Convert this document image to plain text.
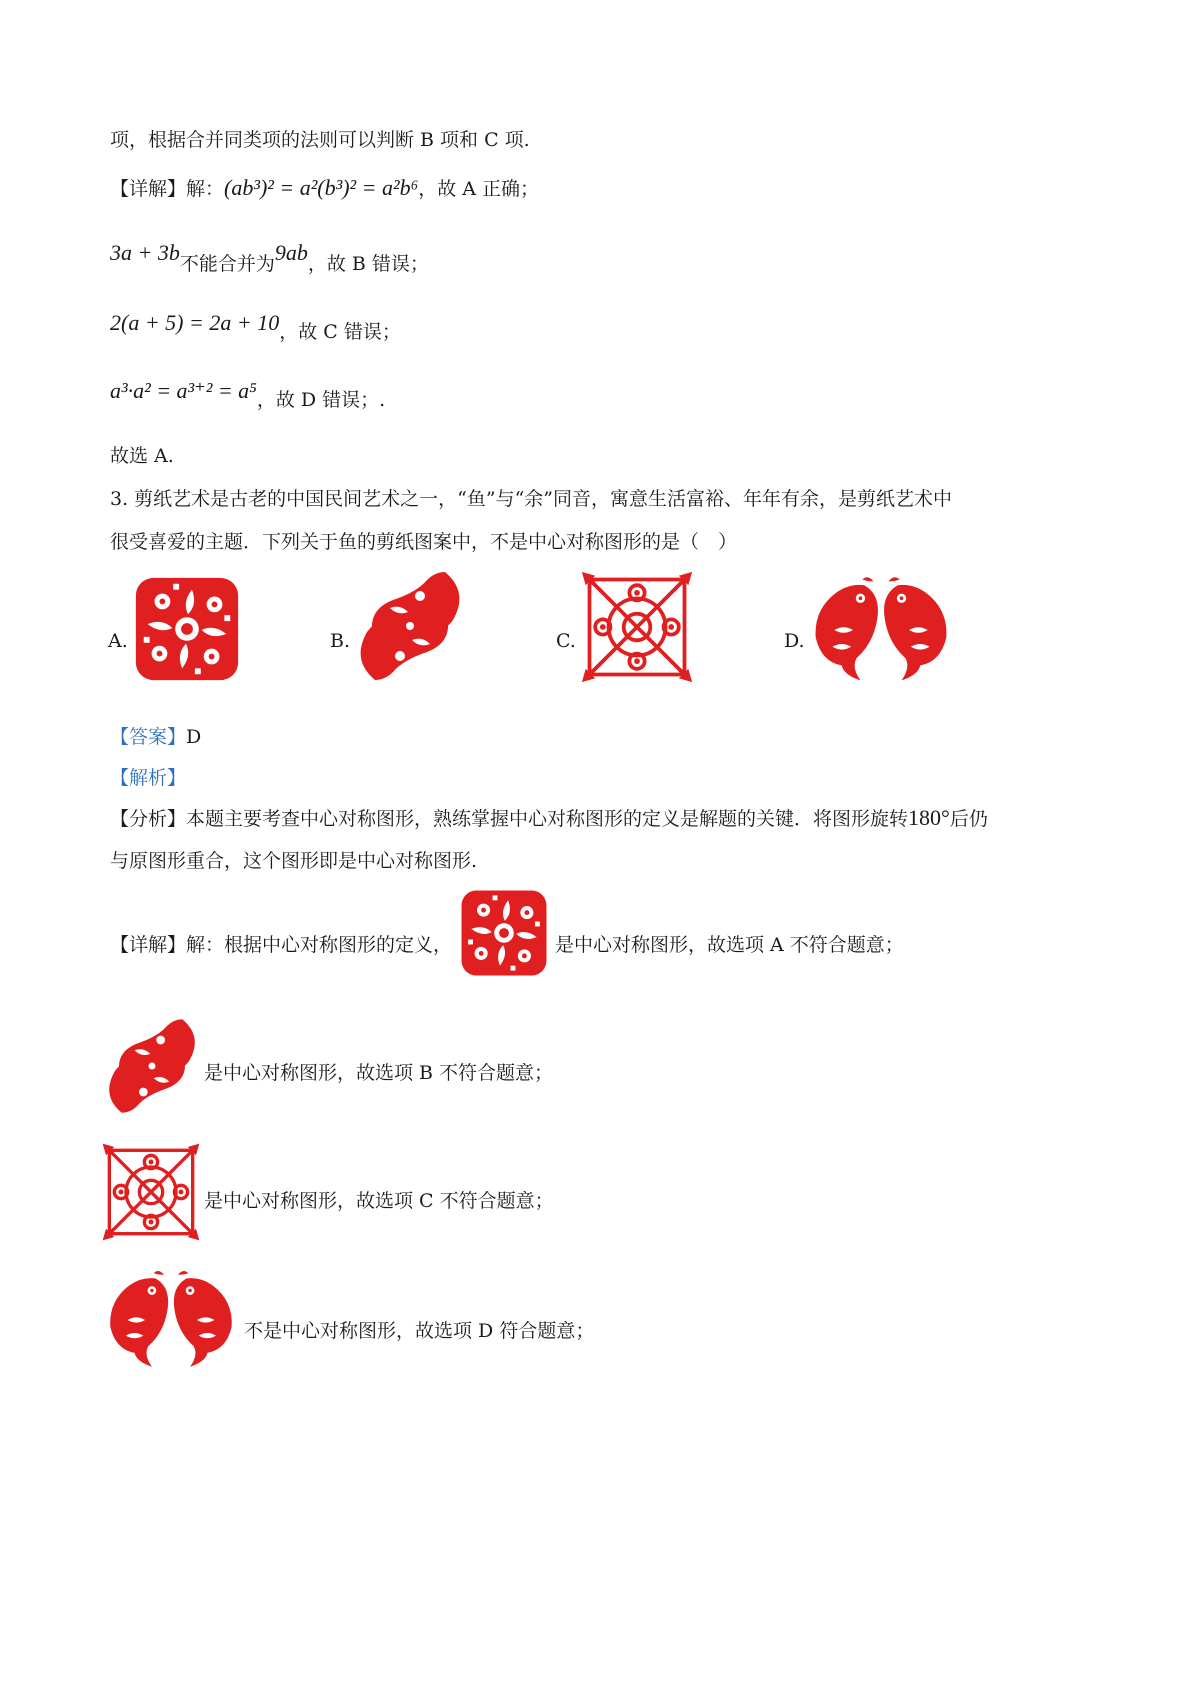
项，根据合并同类项的法则可以判断 B 项和 C 项.
【详解】解：(ab³)² = a²(b³)² = a²b⁶，故 A 正确；
3a + 3b不能合并为9ab，故 B 错误；
2(a + 5) = 2a + 10，故 C 错误；
a³·a² = a³⁺² = a⁵，故 D 错误；.
故选 A.
3. 剪纸艺术是古老的中国民间艺术之一，“鱼”与“余”同音，寓意生活富裕、年年有余，是剪纸艺术中
很受喜爱的主题．下列关于鱼的剪纸图案中，不是中心对称图形的是（　）
A.	B.	C.	D.
【答案】D
【解析】
【分析】本题主要考查中心对称图形，熟练掌握中心对称图形的定义是解题的关键．将图形旋转180°后仍
与原图形重合，这个图形即是中心对称图形.
【详解】解：根据中心对称图形的定义，	是中心对称图形，故选项 A 不符合题意；
是中心对称图形，故选项 B 不符合题意；
是中心对称图形，故选项 C 不符合题意；
不是中心对称图形，故选项 D 符合题意；
